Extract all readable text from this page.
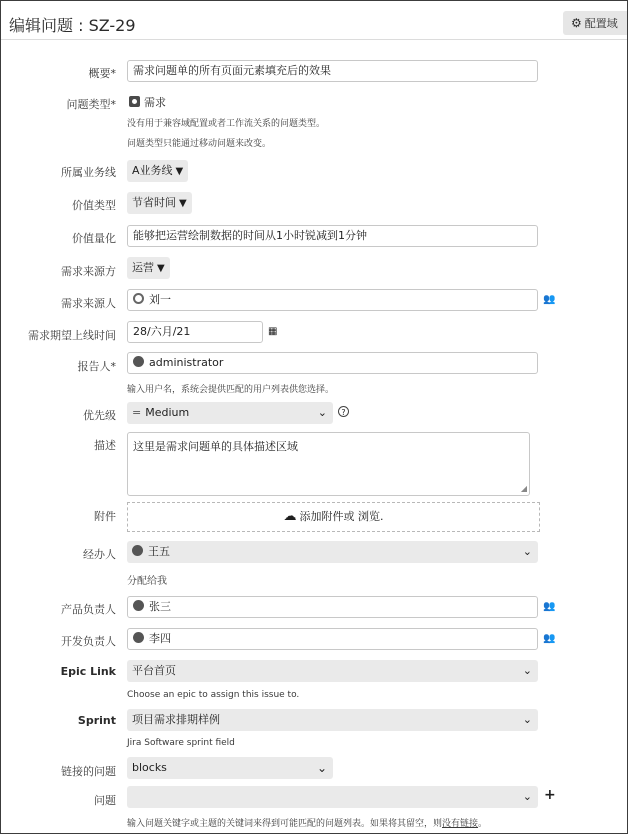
编辑问题 : SZ-29	⚙ 配置域
概要*	需求问题单的所有页面元素填充后的效果
问题类型*	需求
没有用于兼容域配置或者工作流关系的问题类型。
问题类型只能通过移动问题来改变。
所属业务线	A业务线 ▼
价值类型	节省时间 ▼
价值量化	能够把运营绘制数据的时间从1小时锐减到1分钟
需求来源方	运营 ▼
需求来源人	刘一	👥
需求期望上线时间	28/六月/21	▦
报告人*	administrator
输入用户名，系统会提供匹配的用户列表供您选择。
优先级	= Medium	⌄	?
描述	这里是需求问题单的具体描述区域
◢
附件	☁ 添加附件或 浏览.
经办人	王五	⌄
分配给我
产品负责人	张三	👥
开发负责人	李四	👥
Epic Link	平台首页	⌄
Choose an epic to assign this issue to.
Sprint	项目需求排期样例	⌄
Jira Software sprint field
链接的问题	blocks	⌄
问题	⌄ +
输入问题关键字或主题的关键词来得到可能匹配的问题列表。如果将其留空，则没有链接。
